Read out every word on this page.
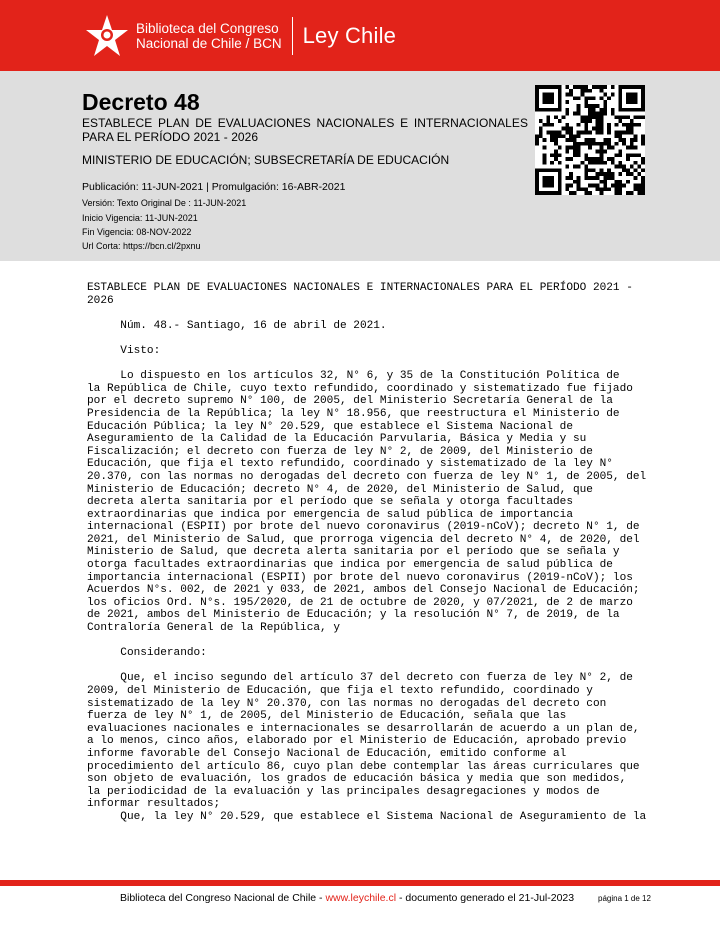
Biblioteca del Congreso
Nacional de Chile / BCN Ley Chile
Decreto 48
ESTABLECE PLAN DE EVALUACIONES NACIONALES E INTERNACIONALES PARA EL PERÍODO 2021 - 2026
MINISTERIO DE EDUCACIÓN; SUBSECRETARÍA DE EDUCACIÓN
Publicación: 11-JUN-2021 | Promulgación: 16-ABR-2021
Versión: Texto Original De : 11-JUN-2021
Inicio Vigencia: 11-JUN-2021
Fin Vigencia: 08-NOV-2022
Url Corta: https://bcn.cl/2pxnu
ESTABLECE PLAN DE EVALUACIONES NACIONALES E INTERNACIONALES PARA EL PERÍODO 2021 -
2026

Núm. 48.- Santiago, 16 de abril de 2021.

Visto:

Lo dispuesto en los artículos 32, N° 6, y 35 de la Constitución Política de
la República de Chile, cuyo texto refundido, coordinado y sistematizado fue fijado
por el decreto supremo N° 100, de 2005, del Ministerio Secretaría General de la
Presidencia de la República; la ley N° 18.956, que reestructura el Ministerio de
Educación Pública; la ley N° 20.529, que establece el Sistema Nacional de
Aseguramiento de la Calidad de la Educación Parvularia, Básica y Media y su
Fiscalización; el decreto con fuerza de ley N° 2, de 2009, del Ministerio de
Educación, que fija el texto refundido, coordinado y sistematizado de la ley N°
20.370, con las normas no derogadas del decreto con fuerza de ley N° 1, de 2005, del
Ministerio de Educación; decreto N° 4, de 2020, del Ministerio de Salud, que
decreta alerta sanitaria por el período que se señala y otorga facultades
extraordinarias que indica por emergencia de salud pública de importancia
internacional (ESPII) por brote del nuevo coronavirus (2019-nCoV); decreto N° 1, de
2021, del Ministerio de Salud, que prorroga vigencia del decreto N° 4, de 2020, del
Ministerio de Salud, que decreta alerta sanitaria por el período que se señala y
otorga facultades extraordinarias que indica por emergencia de salud pública de
importancia internacional (ESPII) por brote del nuevo coronavirus (2019-nCoV); los
Acuerdos N°s. 002, de 2021 y 033, de 2021, ambos del Consejo Nacional de Educación;
los oficios Ord. N°s. 195/2020, de 21 de octubre de 2020, y 07/2021, de 2 de marzo
de 2021, ambos del Ministerio de Educación; y la resolución N° 7, de 2019, de la
Contraloría General de la República, y

Considerando:

Que, el inciso segundo del artículo 37 del decreto con fuerza de ley N° 2, de
2009, del Ministerio de Educación, que fija el texto refundido, coordinado y
sistematizado de la ley N° 20.370, con las normas no derogadas del decreto con
fuerza de ley N° 1, de 2005, del Ministerio de Educación, señala que las
evaluaciones nacionales e internacionales se desarrollarán de acuerdo a un plan de,
a lo menos, cinco años, elaborado por el Ministerio de Educación, aprobado previo
informe favorable del Consejo Nacional de Educación, emitido conforme al
procedimiento del artículo 86, cuyo plan debe contemplar las áreas curriculares que
son objeto de evaluación, los grados de educación básica y media que son medidos,
la periodicidad de la evaluación y las principales desagregaciones y modos de
informar resultados;
Que, la ley N° 20.529, que establece el Sistema Nacional de Aseguramiento de la
Biblioteca del Congreso Nacional de Chile - www.leychile.cl - documento generado el 21-Jul-2023	página 1 de 12
